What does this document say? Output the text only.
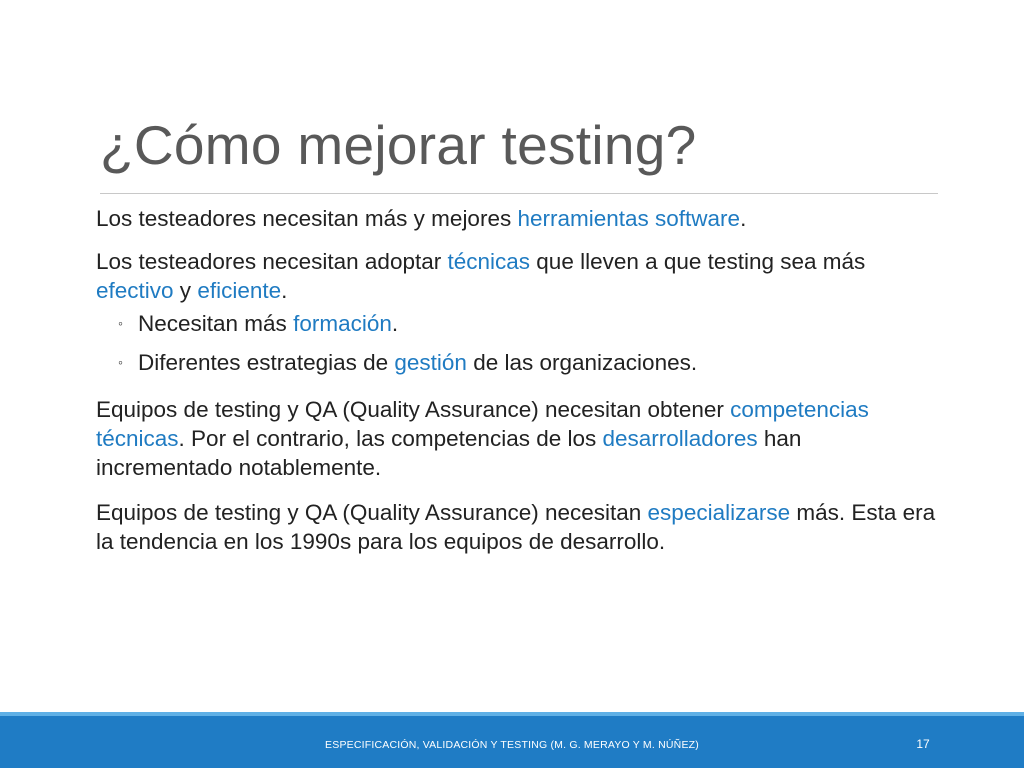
¿Cómo mejorar testing?

Los testeadores necesitan más y mejores herramientas software.

Los testeadores necesitan adoptar técnicas que lleven a que testing sea más efectivo y eficiente.

◦ Necesitan más formación.
◦ Diferentes estrategias de gestión de las organizaciones.

Equipos de testing y QA (Quality Assurance) necesitan obtener competencias técnicas. Por el contrario, las competencias de los desarrolladores han incrementado notablemente.

Equipos de testing y QA (Quality Assurance) necesitan especializarse más. Esta era la tendencia en los 1990s para los equipos de desarrollo.

ESPECIFICACIÓN, VALIDACIÓN Y TESTING (M. G. MERAYO Y M. NÚÑEZ)	17
